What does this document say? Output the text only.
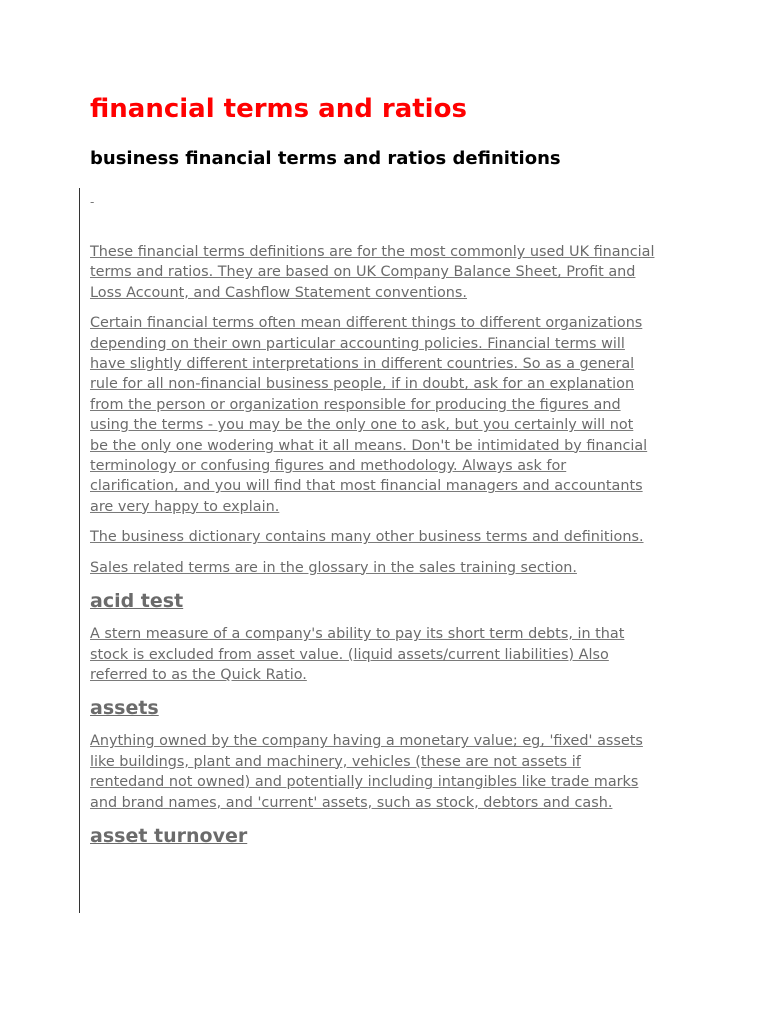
financial terms and ratios
business financial terms and ratios definitions
-

These financial terms definitions are for the most commonly used UK financial
terms and ratios. They are based on UK Company Balance Sheet, Profit and
Loss Account, and Cashflow Statement conventions.

Certain financial terms often mean different things to different organizations
depending on their own particular accounting policies. Financial terms will
have slightly different interpretations in different countries. So as a general
rule for all non-financial business people, if in doubt, ask for an explanation
from the person or organization responsible for producing the figures and
using the terms - you may be the only one to ask, but you certainly will not
be the only one wodering what it all means. Don't be intimidated by financial
terminology or confusing figures and methodology. Always ask for
clarification, and you will find that most financial managers and accountants
are very happy to explain.

The business dictionary contains many other business terms and definitions.

Sales related terms are in the glossary in the sales training section.

acid test

A stern measure of a company's ability to pay its short term debts, in that
stock is excluded from asset value. (liquid assets/current liabilities) Also
referred to as the Quick Ratio.

assets

Anything owned by the company having a monetary value; eg, 'fixed' assets
like buildings, plant and machinery, vehicles (these are not assets if
rentedand not owned) and potentially including intangibles like trade marks
and brand names, and 'current' assets, such as stock, debtors and cash.

asset turnover
